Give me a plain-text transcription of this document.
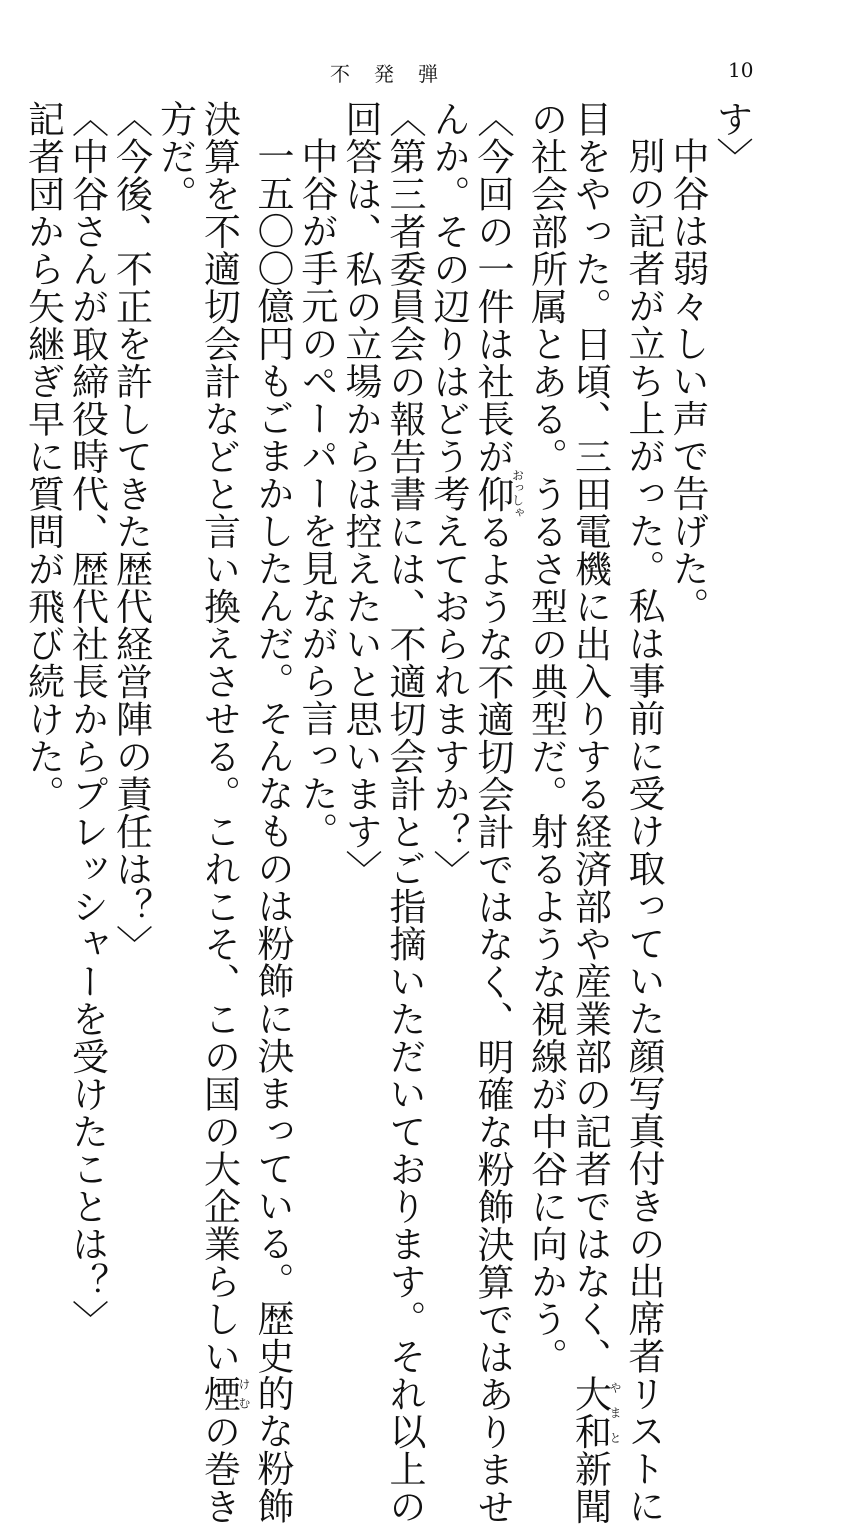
不発弾	10
す〉
中谷は弱々しい声で告げた。
別の記者が立ち上がった。私は事前に受け取っていた顔写真付きの出席者リストに
目をやった。日頃、三田電機に出入りする経済部や産業部の記者ではなく、大和やまと新聞
の社会部所属とある。うるさ型の典型だ。射るような視線が中谷に向かう。
〈今回の一件は社長が仰おっしゃるような不適切会計ではなく、明確な粉飾決算ではありませ
んか。その辺りはどう考えておられますか？〉
〈第三者委員会の報告書には、不適切会計とご指摘いただいております。それ以上の
回答は、私の立場からは控えたいと思います〉
中谷が手元のペーパーを見ながら言った。
一五〇〇億円もごまかしたんだ。そんなものは粉飾に決まっている。歴史的な粉飾
決算を不適切会計などと言い換えさせる。これこそ、この国の大企業らしい煙けむの巻き
方だ。
〈今後、不正を許してきた歴代経営陣の責任は？〉
〈中谷さんが取締役時代、歴代社長からプレッシャーを受けたことは？〉
記者団から矢継ぎ早に質問が飛び続けた。
